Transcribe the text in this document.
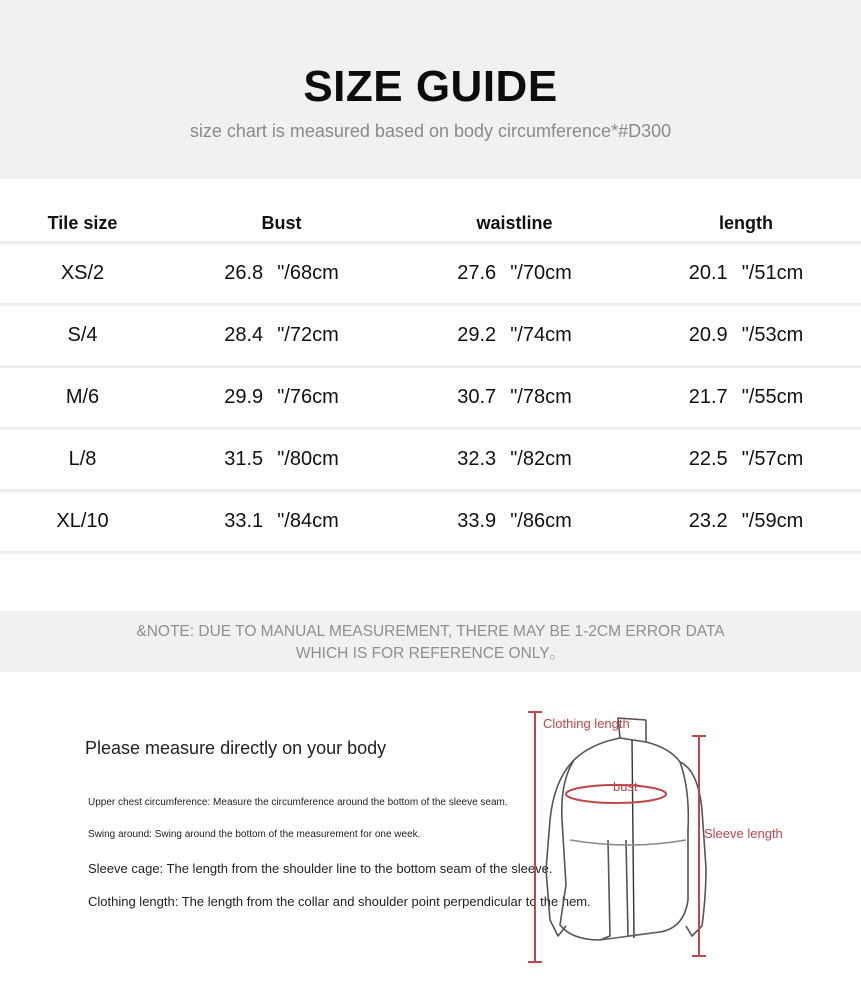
SIZE GUIDE
size chart is measured based on body circumference*#D300
Tile size	Bust	waistline	length
XS/2	26.8 "/68cm	27.6 "/70cm	20.1 "/51cm
S/4	28.4 "/72cm	29.2 "/74cm	20.9 "/53cm
M/6	29.9 "/76cm	30.7 "/78cm	21.7 "/55cm
L/8	31.5 "/80cm	32.3 "/82cm	22.5 "/57cm
XL/10	33.1 "/84cm	33.9 "/86cm	23.2 "/59cm
&NOTE: DUE TO MANUAL MEASUREMENT, THERE MAY BE 1-2CM ERROR DATA
WHICH IS FOR REFERENCE ONLY。
Please measure directly on your body
Upper chest circumference: Measure the circumference around the bottom of the sleeve seam.
Swing around: Swing around the bottom of the measurement for one week.
Sleeve cage: The length from the shoulder line to the bottom seam of the sleeve.
Clothing length: The length from the collar and shoulder point perpendicular to the hem.
Clothing length
bust
Sleeve length
